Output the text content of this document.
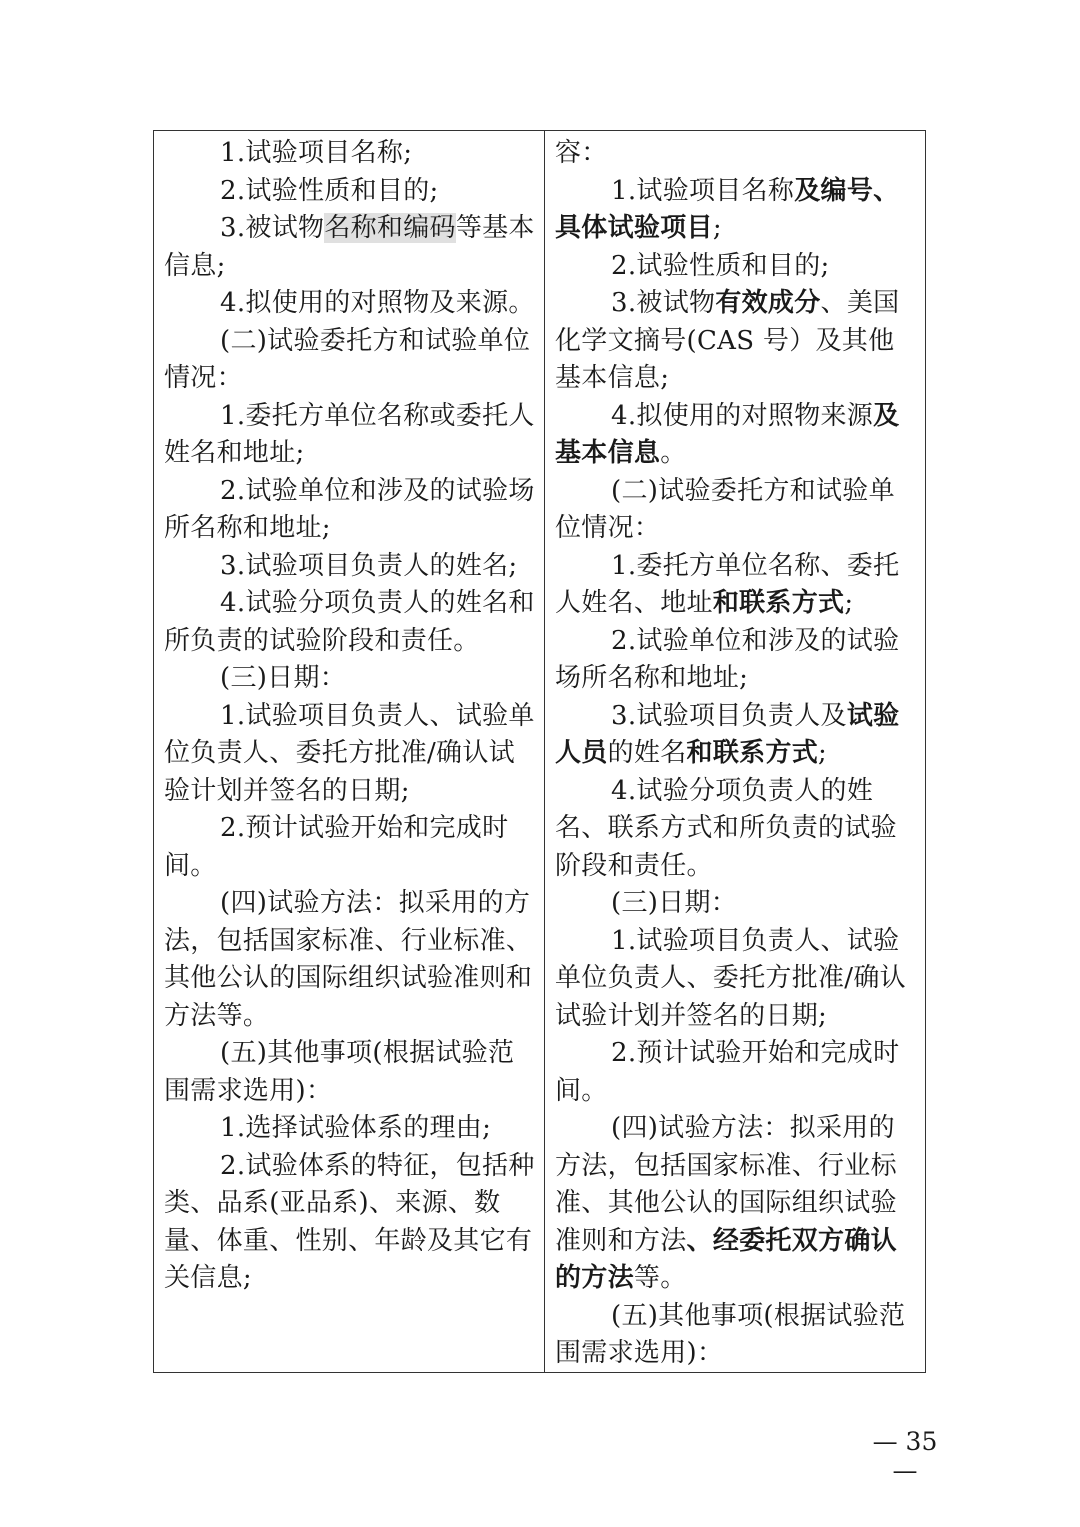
1.试验项目名称;

2.试验性质和目的;

3.被试物名称和编码等基本信息;

4.拟使用的对照物及来源。

(二)试验委托方和试验单位情况：

1.委托方单位名称或委托人姓名和地址;

2.试验单位和涉及的试验场所名称和地址;

3.试验项目负责人的姓名;

4.试验分项负责人的姓名和所负责的试验阶段和责任。

(三)日期：

1.试验项目负责人、试验单位负责人、委托方批准/确认试验计划并签名的日期;

2.预计试验开始和完成时间。

(四)试验方法：拟采用的方法，包括国家标准、行业标准、其他公认的国际组织试验准则和方法等。

(五)其他事项(根据试验范围需求选用)：

1.选择试验体系的理由;

2.试验体系的特征，包括种类、品系(亚品系)、来源、数量、体重、性别、年龄及其它有关信息;

容：

1.试验项目名称及编号、具体试验项目;

2.试验性质和目的;

3.被试物有效成分、美国化学文摘号(CAS 号）及其他基本信息;

4.拟使用的对照物来源及基本信息。

(二)试验委托方和试验单位情况：

1.委托方单位名称、委托人姓名、地址和联系方式;

2.试验单位和涉及的试验场所名称和地址;

3.试验项目负责人及试验人员的姓名和联系方式;

4.试验分项负责人的姓名、联系方式和所负责的试验阶段和责任。

(三)日期：

1.试验项目负责人、试验单位负责人、委托方批准/确认试验计划并签名的日期;

2.预计试验开始和完成时间。

(四)试验方法：拟采用的方法，包括国家标准、行业标准、其他公认的国际组织试验准则和方法、经委托双方确认的方法等。

(五)其他事项(根据试验范围需求选用)：

— 35 —
